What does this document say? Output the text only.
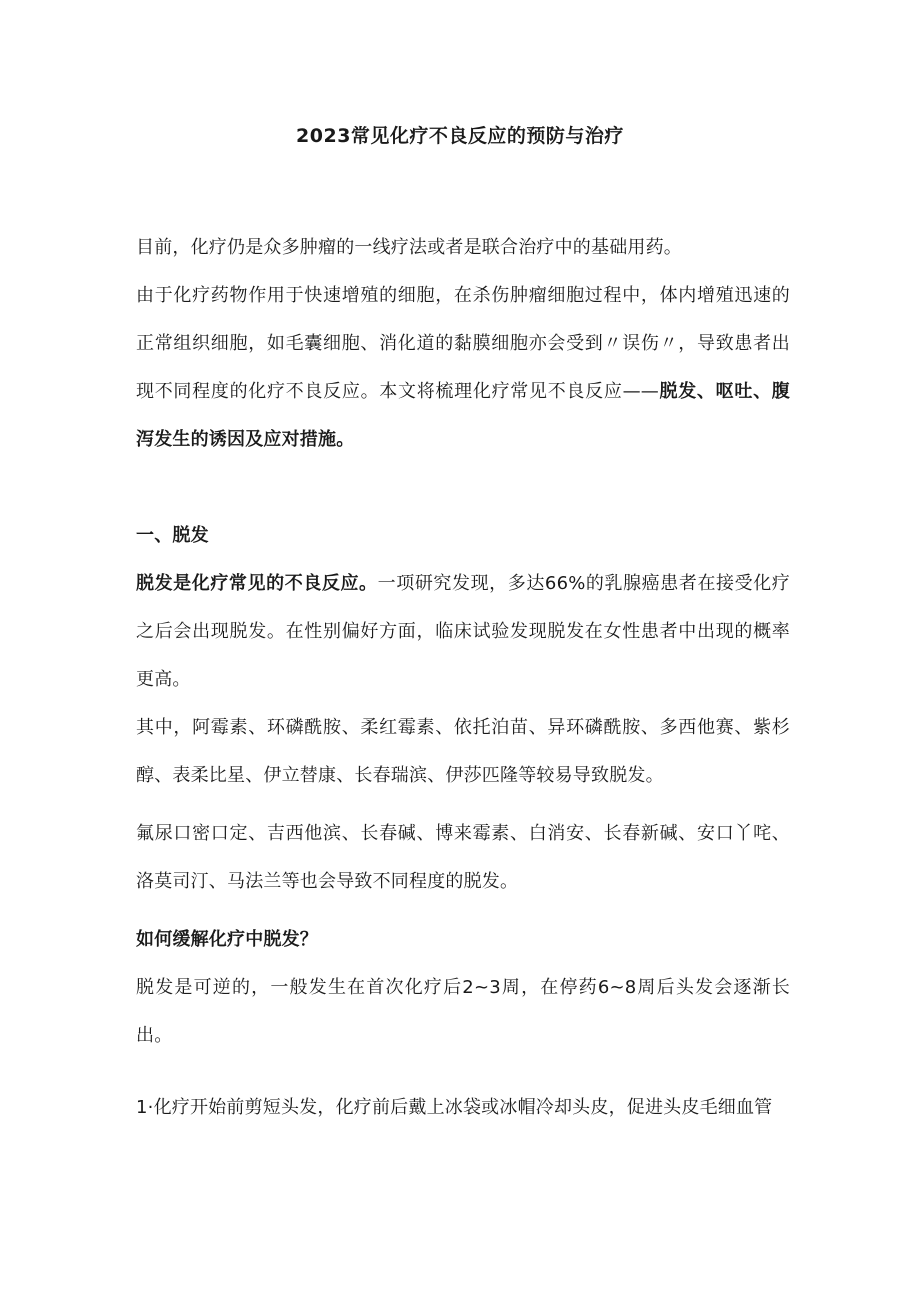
2023常见化疗不良反应的预防与治疗

目前，化疗仍是众多肿瘤的一线疗法或者是联合治疗中的基础用药。

由于化疗药物作用于快速增殖的细胞，在杀伤肿瘤细胞过程中，体内增殖迅速的正常组织细胞，如毛囊细胞、消化道的黏膜细胞亦会受到〃误伤〃，导致患者出现不同程度的化疗不良反应。本文将梳理化疗常见不良反应——脱发、呕吐、腹泻发生的诱因及应对措施。

一、脱发

脱发是化疗常见的不良反应。一项研究发现，多达66%的乳腺癌患者在接受化疗之后会出现脱发。在性别偏好方面，临床试验发现脱发在女性患者中出现的概率更高。

其中，阿霉素、环磷酰胺、柔红霉素、依托泊苗、异环磷酰胺、多西他赛、紫杉醇、表柔比星、伊立替康、长春瑞滨、伊莎匹隆等较易导致脱发。

氟尿口密口定、吉西他滨、长春碱、博来霉素、白消安、长春新碱、安口丫咤、洛莫司汀、马法兰等也会导致不同程度的脱发。

如何缓解化疗中脱发？

脱发是可逆的，一般发生在首次化疗后2~3周，在停药6~8周后头发会逐渐长出。

1·化疗开始前剪短头发，化疗前后戴上冰袋或冰帽冷却头皮，促进头皮毛细血管
